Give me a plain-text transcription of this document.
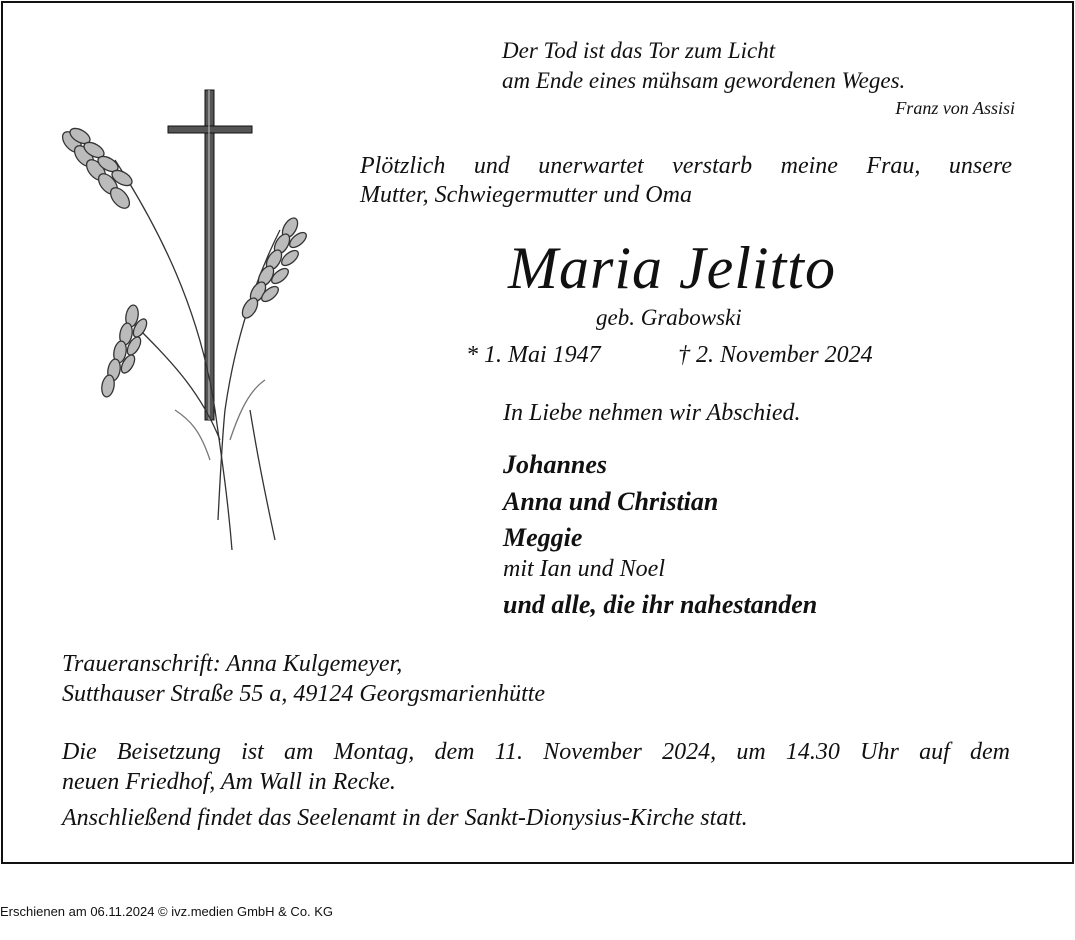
Der Tod ist das Tor zum Licht
am Ende eines mühsam gewordenen Weges.
Franz von Assisi
Plötzlich und unerwartet verstarb meine Frau, unsere
Mutter, Schwiegermutter und Oma
Maria Jelitto
geb. Grabowski
* 1. Mai 1947	† 2. November 2024
In Liebe nehmen wir Abschied.
Johannes
Anna und Christian
Meggie
mit Ian und Noel
und alle, die ihr nahestanden
Traueranschrift: Anna Kulgemeyer,
Sutthauser Straße 55 a, 49124 Georgsmarienhütte
Die Beisetzung ist am Montag, dem 11. November 2024, um 14.30 Uhr auf dem
neuen Friedhof, Am Wall in Recke.
Anschließend findet das Seelenamt in der Sankt-Dionysius-Kirche statt.
Erschienen am 06.11.2024 © ivz.medien GmbH & Co. KG
